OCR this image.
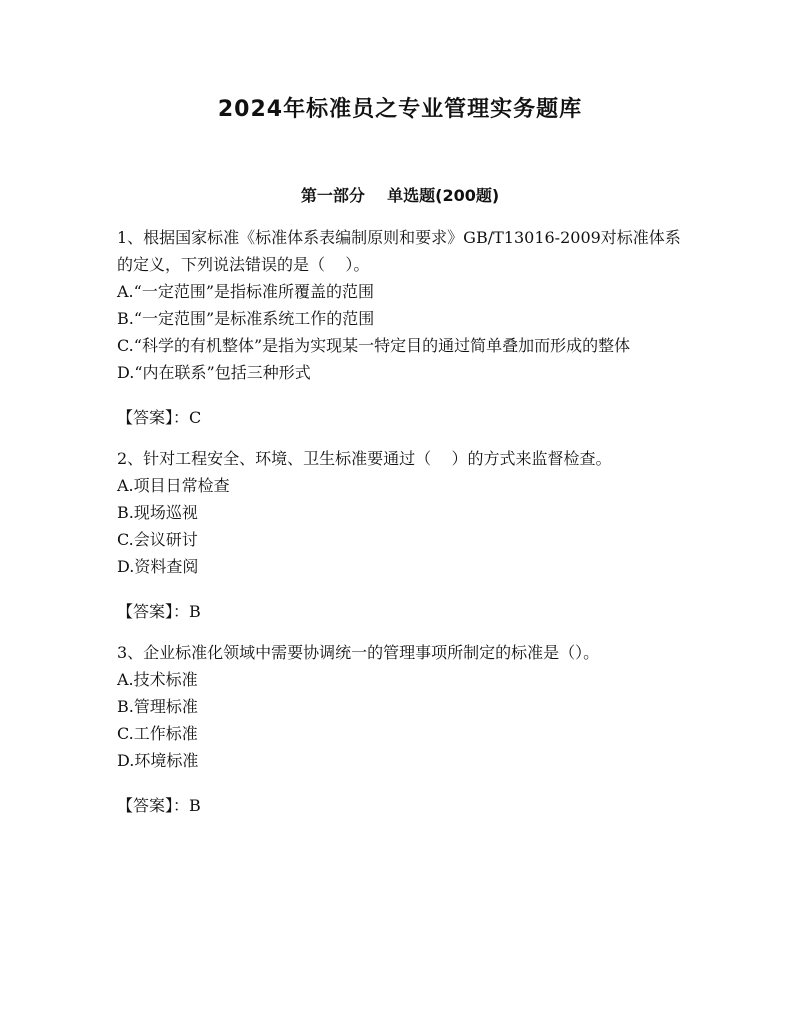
2024年标准员之专业管理实务题库
第一部分    单选题(200题)

1、根据国家标准《标准体系表编制原则和要求》GB/T13016-2009对标准体系的定义，下列说法错误的是（    ）。

A.“一定范围”是指标准所覆盖的范围
B.“一定范围”是标准系统工作的范围
C.“科学的有机整体”是指为实现某一特定目的通过简单叠加而形成的整体
D.“内在联系”包括三种形式

【答案】：C

2、针对工程安全、环境、卫生标准要通过（    ）的方式来监督检查。

A.项目日常检查
B.现场巡视
C.会议研讨
D.资料查阅

【答案】：B

3、企业标准化领域中需要协调统一的管理事项所制定的标准是（）。

A.技术标准
B.管理标准
C.工作标准
D.环境标准

【答案】：B
